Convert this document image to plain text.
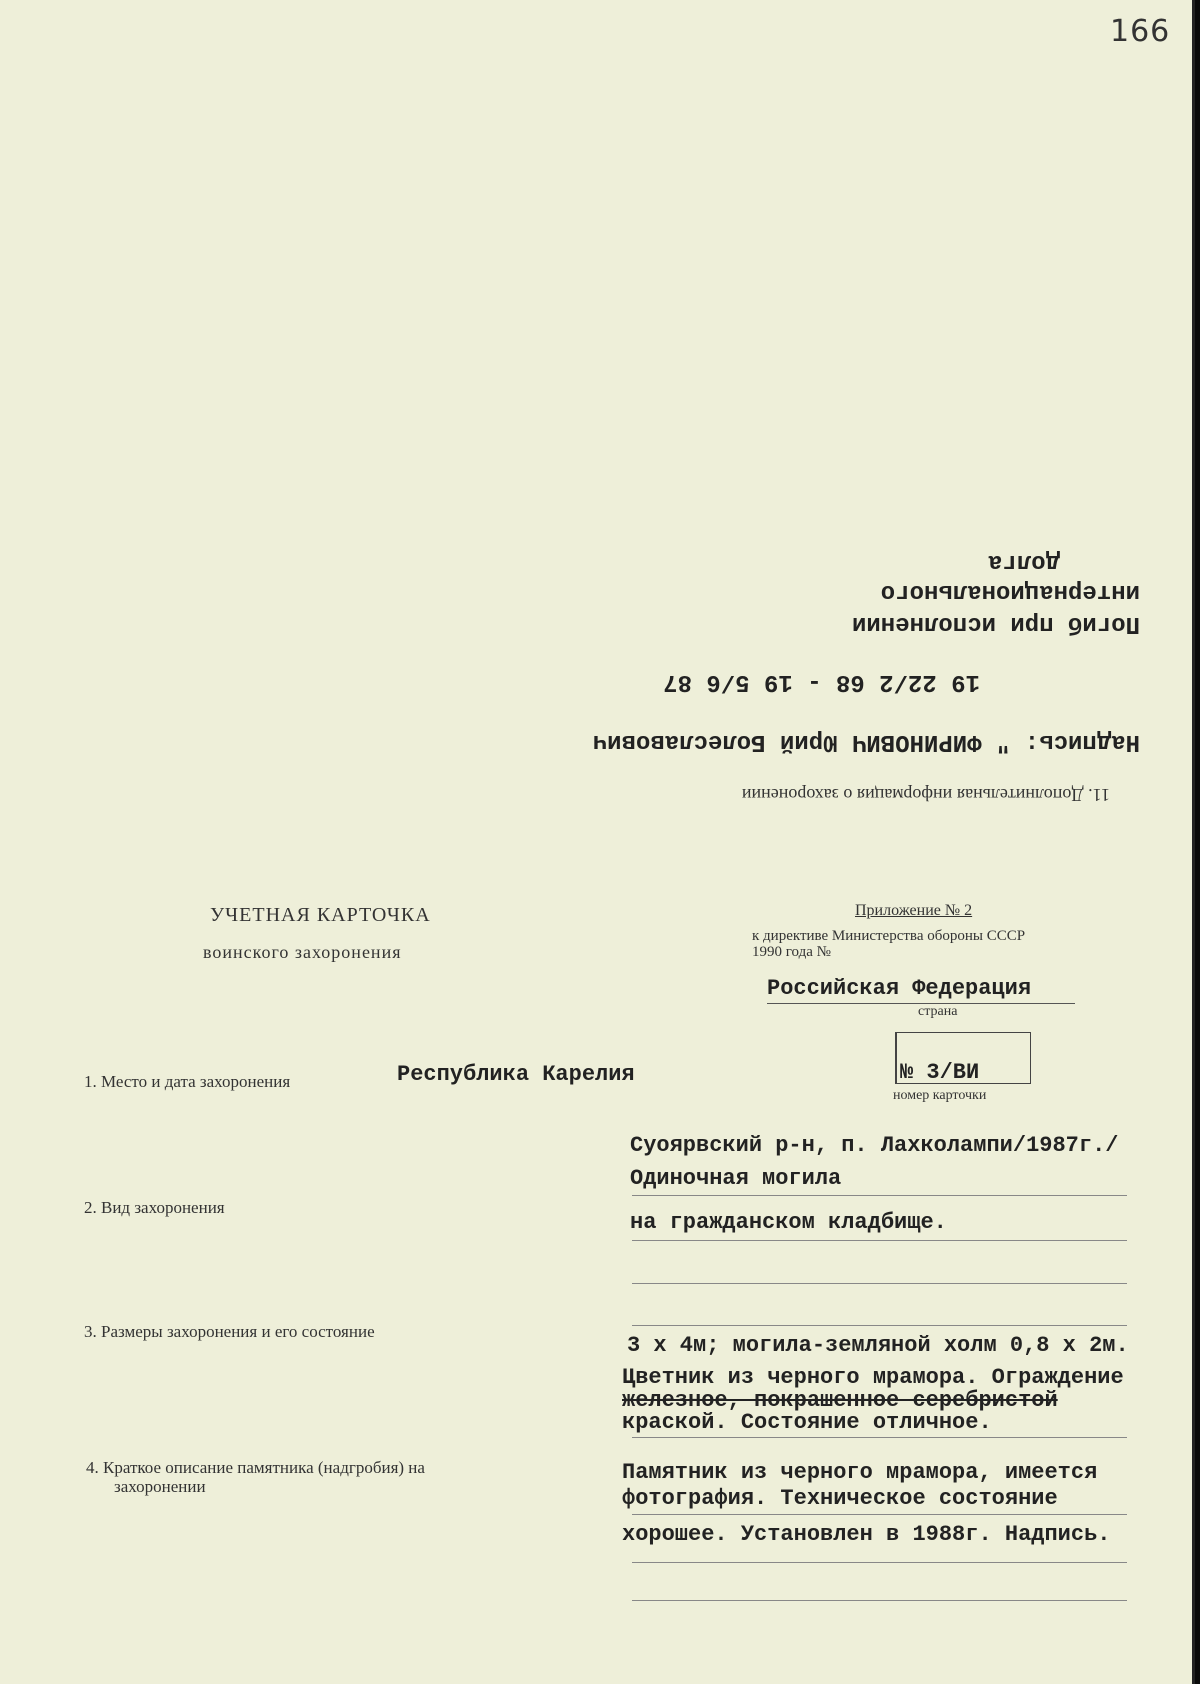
166
11. Дополнительная информация о захоронении
Надпись: " ФИРИНОВИЧ Юрий Болеславович
19 22/2 68 - 19 5/6 87
Погиб при исполнении
интернационального
долга
УЧЕТНАЯ КАРТОЧКА
воинского захоронения
Приложение № 2
к директиве Министерства обороны СССР
1990 года №
Российская Федерация
страна
№ 3/ВИ
номер карточки
1. Место и дата захоронения	Республика Карелия
Суоярвский р-н, п. Лахколампи/1987г./
2. Вид захоронения
Одиночная могила
на гражданском кладбище.
3. Размеры захоронения и его состояние
3 х 4м; могила-земляной холм 0,8 х 2м.
Цветник из черного мрамора. Ограждение
железное, покрашенное серебристой
краской. Состояние отличное.
4. Краткое описание памятника (надгробия) на
захоронении
Памятник из черного мрамора, имеется
фотография. Техническое состояние
хорошее. Установлен в 1988г. Надпись.
